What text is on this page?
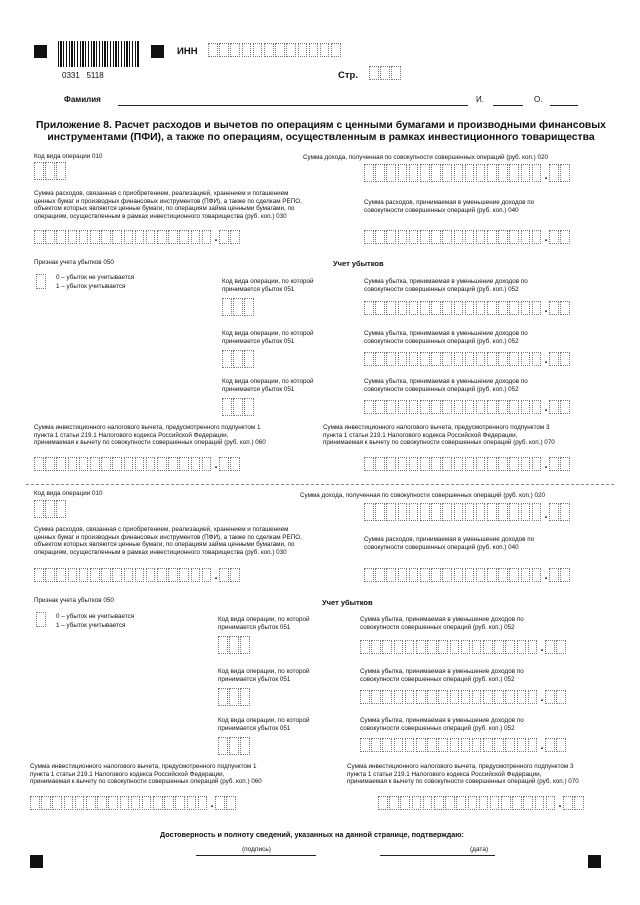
0331   5118
ИНН
Стр.
Фамилия	И.	О.
Приложение 8. Расчет расходов и вычетов по операциям с ценными бумагами и производными финансовых
инструментами (ПФИ), а также по операциям, осуществленным в рамках инвестиционного товарищества
Код вида операции 010	Сумма дохода, полученная по совокупности совершенных операций (руб. коп.) 020
.
Сумма расходов, связанная с приобретением, реализацией, хранением и погашением
ценных бумаг и производных финансовых инструментов (ПФИ), а также по сделкам РЕПО,
объектом которых являются ценные бумаги, по операциям займа ценными бумагами, по
операциям, осуществленным в рамках инвестиционного товарищества (руб. коп.) 030
Сумма расходов, принимаемая в уменьшение доходов по
совокупности совершенных операций (руб. коп.) 040
.	.
Признак учета убытков 050
0 – убыток не учитывается
1 – убыток учитывается
Учет убытков
Код вида операции, по которой
принимается убыток 051
Сумма убытка, принимаемая в уменьшение доходов по
совокупности совершенных операций (руб. коп.) 052
.
Код вида операции, по которой
принимается убыток 051
Сумма убытка, принимаемая в уменьшение доходов по
совокупности совершенных операций (руб. коп.) 052
.
Код вида операции, по которой
принимается убыток 051
Сумма убытка, принимаемая в уменьшение доходов по
совокупности совершенных операций (руб. коп.) 052
.
Сумма инвестиционного налогового вычета, предусмотренного подпунктом 1
пункта 1 статьи 219.1 Налогового кодекса Российской Федерации,
принимаемая к вычету по совокупности совершенных операций (руб. коп.) 060
Сумма инвестиционного налогового вычета, предусмотренного подпунктом 3
пункта 1 статьи 219.1 Налогового кодекса Российской Федерации,
принимаемая к вычету по совокупности совершенных операций (руб. коп.) 070
.	.
Код вида операции 010	Сумма дохода, полученная по совокупности совершенных операций (руб. коп.) 020
.
Сумма расходов, связанная с приобретением, реализацией, хранением и погашением
ценных бумаг и производных финансовых инструментов (ПФИ), а также по сделкам РЕПО,
объектом которых являются ценные бумаги, по операциям займа ценными бумагами, по
операциям, осуществленным в рамках инвестиционного товарищества (руб. коп.) 030
Сумма расходов, принимаемая в уменьшение доходов по
совокупности совершенных операций (руб. коп.) 040
.	.
Признак учета убытков 050
0 – убыток не учитывается
1 – убыток учитывается
Учет убытков
Код вида операции, по которой
принимается убыток 051
Сумма убытка, принимаемая в уменьшение доходов по
совокупности совершенных операций (руб. коп.) 052
.
Код вида операции, по которой
принимается убыток 051
Сумма убытка, принимаемая в уменьшение доходов по
совокупности совершенных операций (руб. коп.) 052
.
Код вида операции, по которой
принимается убыток 051
Сумма убытка, принимаемая в уменьшение доходов по
совокупности совершенных операций (руб. коп.) 052
.
Сумма инвестиционного налогового вычета, предусмотренного подпунктом 1
пункта 1 статьи 219.1 Налогового кодекса Российской Федерации,
принимаемая к вычету по совокупности совершенных операций (руб. коп.) 060
Сумма инвестиционного налогового вычета, предусмотренного подпунктом 3
пункта 1 статьи 219.1 Налогового кодекса Российской Федерации,
принимаемая к вычету по совокупности совершенных операций (руб. коп.) 070
.	.
Достоверность и полноту сведений, указанных на данной странице, подтверждаю:
(подпись)	(дата)
